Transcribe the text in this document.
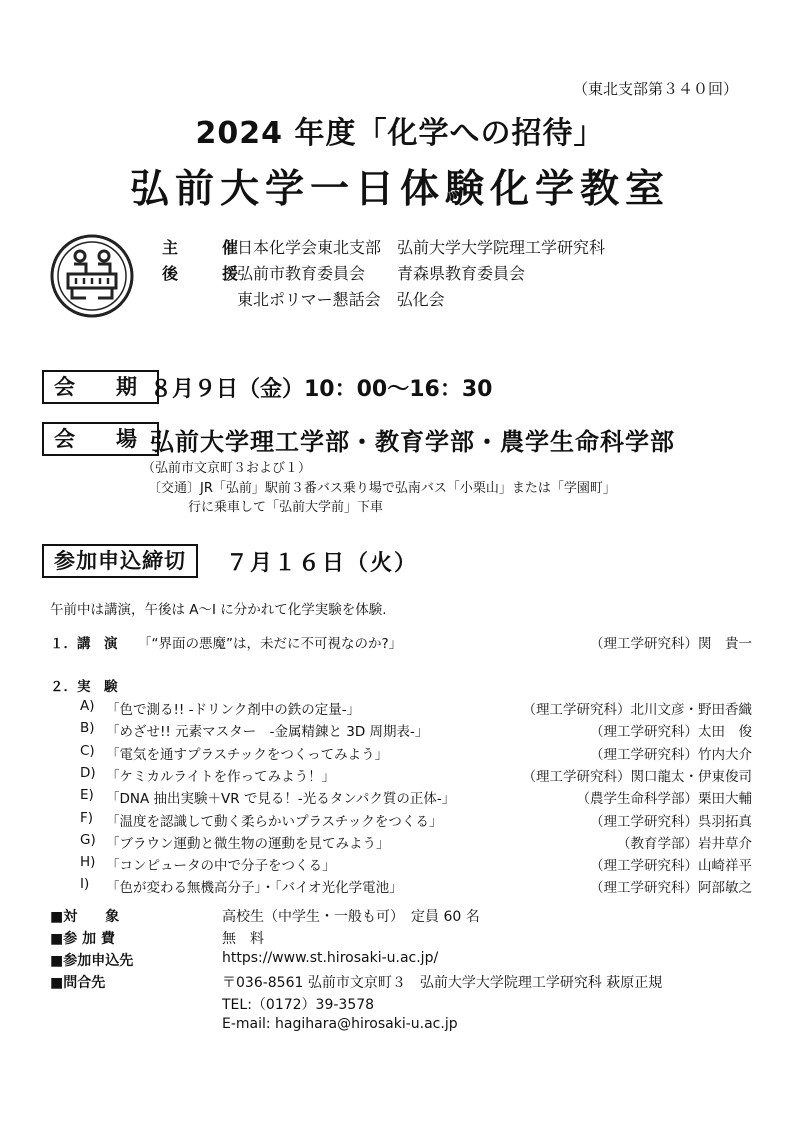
（東北支部第３４０回）
2024 年度「化学への招待」
弘前大学一日体験化学教室
主　催
日本化学会東北支部　弘前大学大学院理工学研究科
後　援
弘前市教育委員会　　青森県教育委員会
東北ポリマー懇話会　弘化会
会　期 ８月９日（金）10：00〜16：30
会　場 弘前大学理工学部・教育学部・農学生命科学部
（弘前市文京町３および１）
〔交通〕JR「弘前」駅前３番バス乗り場で弘南バス「小栗山」または「学園町」
行に乗車して「弘前大学前」下車
参加申込締切	７月１６日（火）
午前中は講演，午後は A〜I に分かれて化学実験を体験.
１．講　演 「“界面の悪魔”は，未だに不可視なのか?」	（理工学研究科）関　貴一
２．実　験
A) 「色で測る!! -ドリンク剤中の鉄の定量-」	（理工学研究科）北川文彦・野田香織
B) 「めざせ!! 元素マスター　-金属精錬と 3D 周期表-」	（理工学研究科）太田　俊
C) 「電気を通すプラスチックをつくってみよう」	（理工学研究科）竹内大介
D) 「ケミカルライトを作ってみよう！」	（理工学研究科）関口龍太・伊東俊司
E) 「DNA 抽出実験＋VR で見る！-光るタンパク質の正体-」	（農学生命科学部）栗田大輔
F) 「温度を認識して動く柔らかいプラスチックをつくる」	（理工学研究科）呉羽拓真
G) 「ブラウン運動と微生物の運動を見てみよう」	（教育学部）岩井草介
H) 「コンピュータの中で分子をつくる」	（理工学研究科）山崎祥平
I)	「色が変わる無機高分子」・「バイオ光化学電池」	（理工学研究科）阿部敏之
■対　　象	高校生（中学生・一般も可）　定員 60 名
■参 加 費	無　料
■参加申込先	https://www.st.hirosaki-u.ac.jp/
■問合先	〒036-8561 弘前市文京町３　弘前大学大学院理工学研究科 萩原正規
TEL:（0172）39-3578
E-mail: hagihara@hirosaki-u.ac.jp
